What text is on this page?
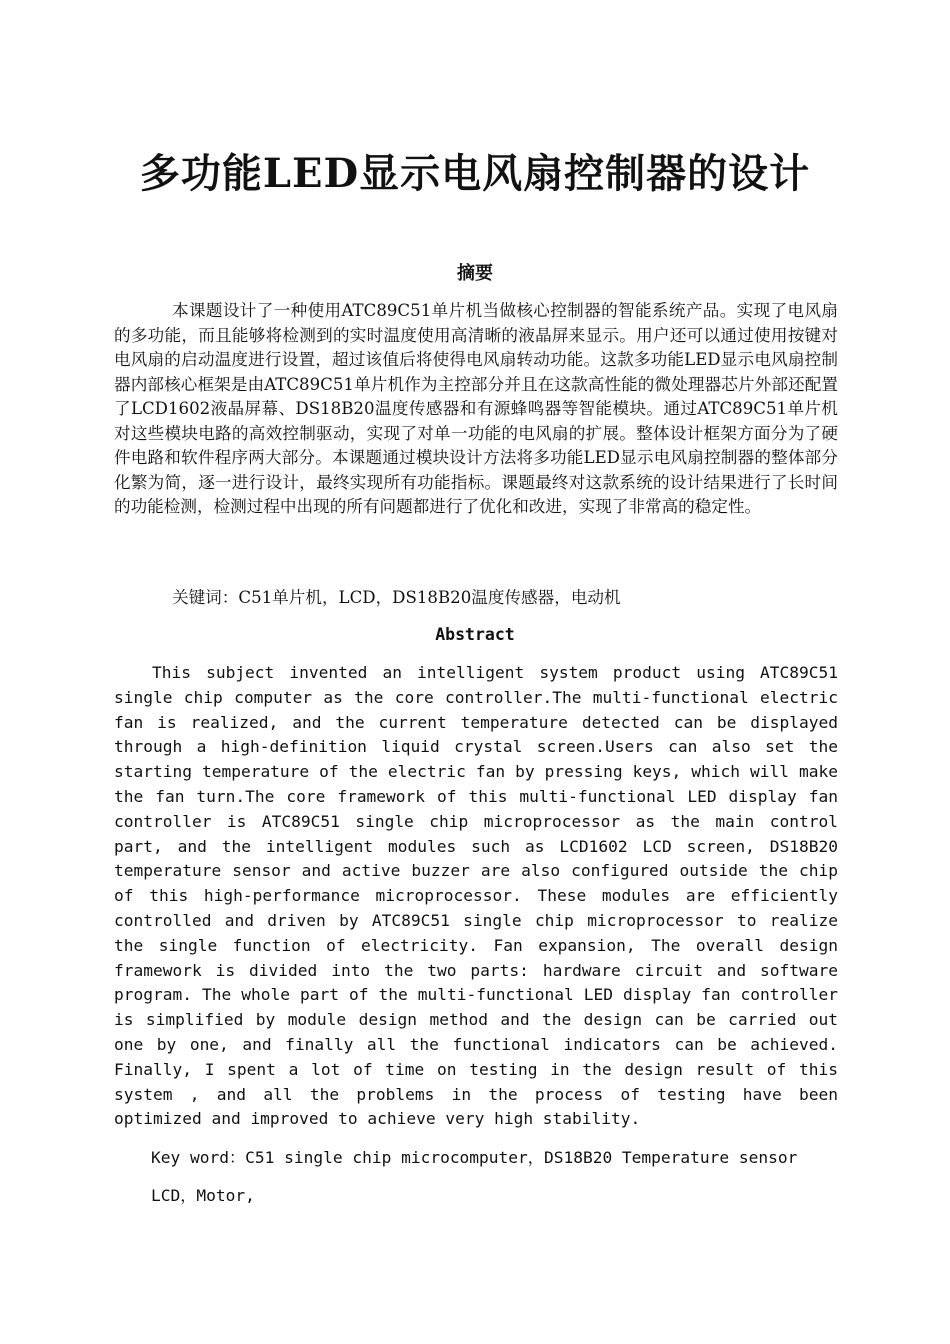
多功能LED显示电风扇控制器的设计
摘要

本课题设计了一种使用ATC89C51单片机当做核心控制器的智能系统产品。实现了电风扇的多功能，而且能够将检测到的实时温度使用高清晰的液晶屏来显示。用户还可以通过使用按键对电风扇的启动温度进行设置，超过该值后将使得电风扇转动功能。这款多功能LED显示电风扇控制器内部核心框架是由ATC89C51单片机作为主控部分并且在这款高性能的微处理器芯片外部还配置了LCD1602液晶屏幕、DS18B20温度传感器和有源蜂鸣器等智能模块。通过ATC89C51单片机对这些模块电路的高效控制驱动，实现了对单一功能的电风扇的扩展。整体设计框架方面分为了硬件电路和软件程序两大部分。本课题通过模块设计方法将多功能LED显示电风扇控制器的整体部分化繁为简，逐一进行设计，最终实现所有功能指标。课题最终对这款系统的设计结果进行了长时间的功能检测，检测过程中出现的所有问题都进行了优化和改进，实现了非常高的稳定性。

关键词：C51单片机，LCD，DS18B20温度传感器，电动机

Abstract

This subject invented an intelligent system product using ATC89C51 single chip computer as the core controller.The multi-functional electric fan is realized, and the current temperature detected can be displayed through a high-definition liquid crystal screen.Users can also set the starting temperature of the electric fan by pressing keys, which will make the fan turn.The core framework of this multi-functional LED display fan controller is ATC89C51 single chip microprocessor as the main control part, and the intelligent modules such as LCD1602 LCD screen, DS18B20 temperature sensor and active buzzer are also configured outside the chip of this high-performance microprocessor. These modules are efficiently controlled and driven by ATC89C51 single chip microprocessor to realize the single function of electricity. Fan expansion, The overall design framework is divided into the two parts: hardware circuit and software program. The whole part of the multi-functional LED display fan controller is simplified by module design method and the design can be carried out one by one, and finally all the functional indicators can be achieved. Finally, I spent a lot of time on testing in the design result of this system , and all the problems in the process of testing have been optimized and improved to achieve very high stability.

Key word：C51 single chip microcomputer，DS18B20 Temperature sensor

LCD，Motor,
